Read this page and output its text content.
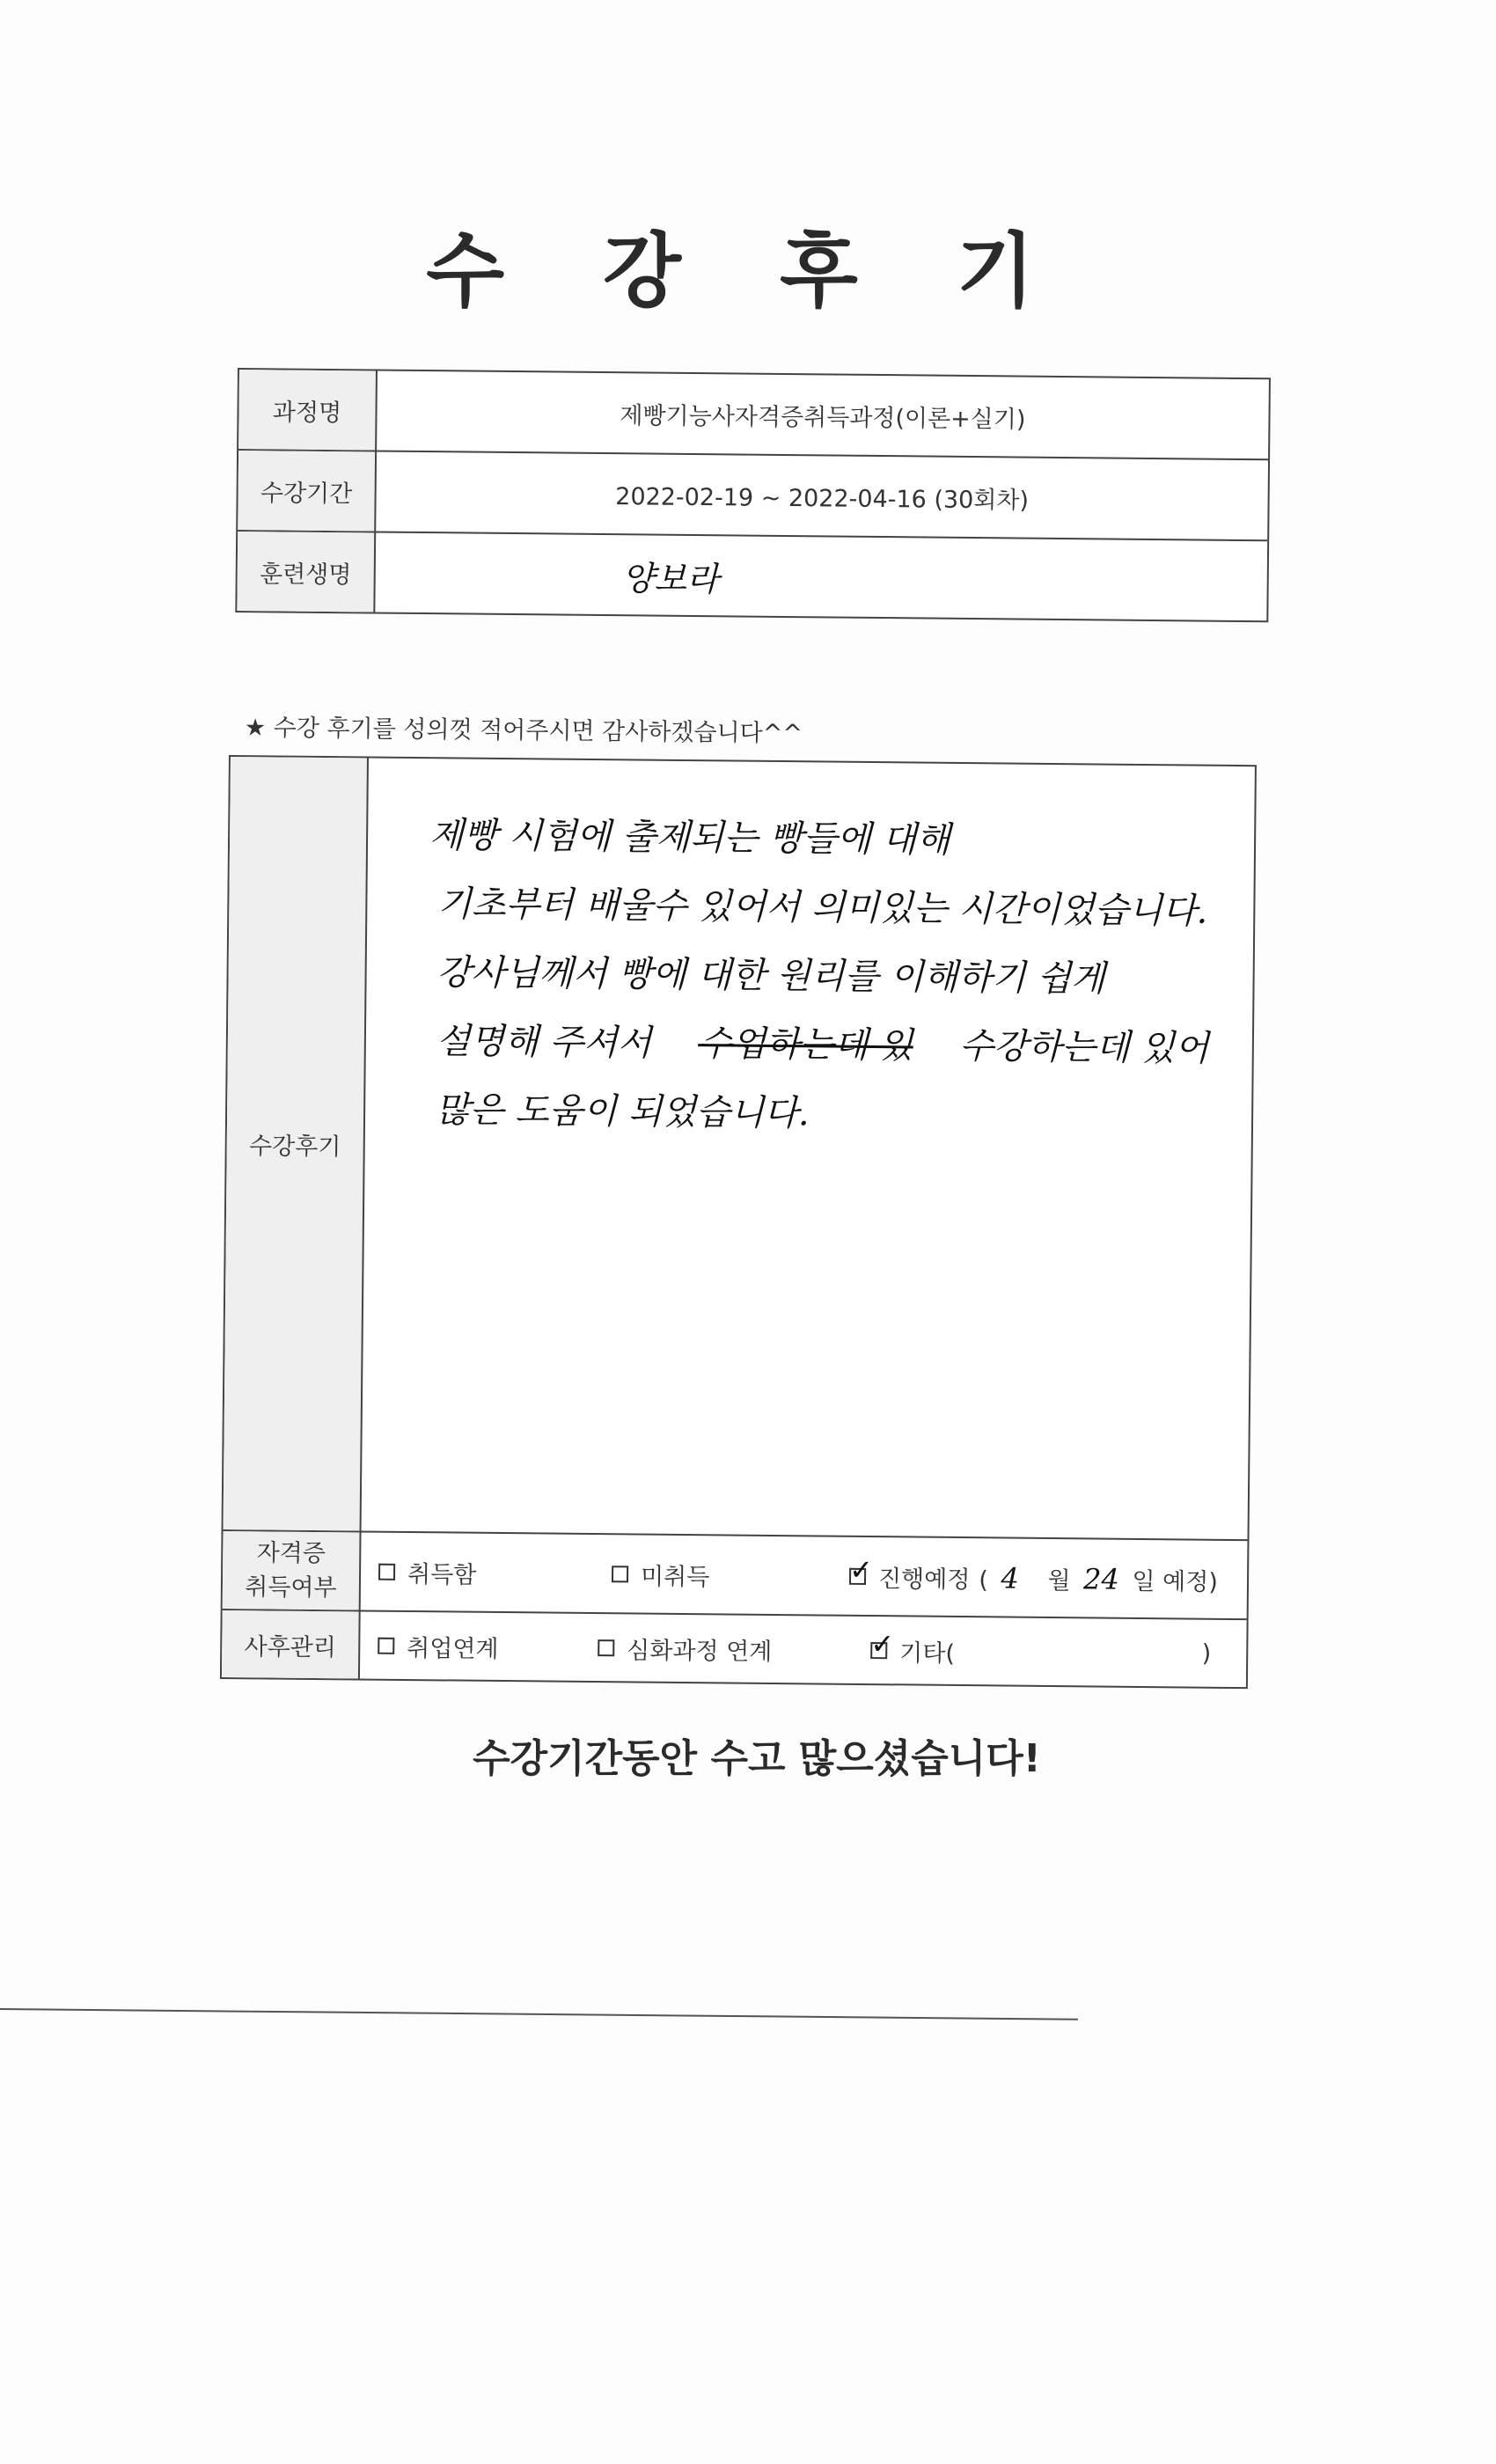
수 강 후 기
과정명	제빵기능사자격증취득과정(이론+실기)
수강기간	2022-02-19 ~ 2022-04-16 (30회차)
훈련생명	양보라
★ 수강 후기를 성의껏 적어주시면 감사하겠습니다^^
수강후기
제빵 시험에 출제되는 빵들에 대해
기초부터 배울수 있어서 의미있는 시간이었습니다.
강사님께서 빵에 대한 원리를 이해하기 쉽게
설명해 주셔서 수업하는데 있 수강하는데 있어
많은 도움이 되었습니다.
자격증
취득여부	취득함	미취득	✓ 진행예정 ( 4 월 24 일 예정)
사후관리	취업연계	심화과정 연계	✓ 기타(	)
수강기간동안 수고 많으셨습니다!
